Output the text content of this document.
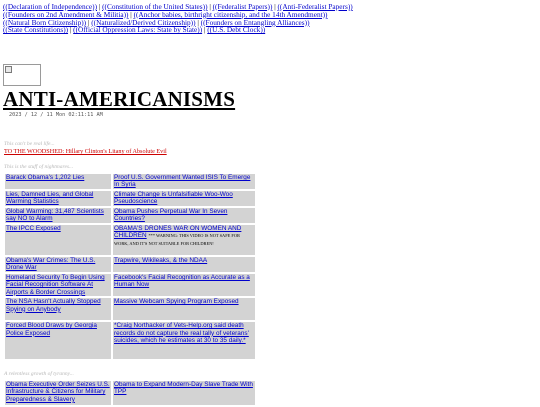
((Declaration of Independence)) | ((Constitution of the United States)) | ((Federalist Papers)) | ((Anti-Federalist Papers))
((Founders on 2nd Amendment & Militia)) | ((Anchor babies, birthright citizenship, and the 14th Amendment))
((Natural Born Citizenship)) | ((Naturalized/Derived Citizenship)) | ((Founders on Entangling Alliances))
((State Constitutions)) | ((Official Oppression Laws: State by State)) | ((U.S. Debt Clock))
ANTI-AMERICANISMS
2023 / 12 / 11 Mon 02:11:11 AM
This can't be real life...
TO THE WOODSHED: Hillary Clinton's Litany of Absolute Evil
This is the stuff of nightmares...
Barack Obama's 1,202 Lies	Proof U.S. Government Wanted ISIS To Emerge In Syria
Lies, Damned Lies, and Global Warming Statistics	Climate Change is Unfalsifiable Woo-Woo Pseudoscience
Global Warming: 31,487 Scientists say NO to Alarm	Obama Pushes Perpetual War In Seven Countries?
The IPCC Exposed	OBAMA'S DRONES WAR ON WOMEN AND CHILDREN *** WARNING: THIS VIDEO IS NOT SAFE FOR WORK, AND IT'S NOT SUITABLE FOR CHILDREN!
Obama's War Crimes: The U.S. Drone War	Trapwire, Wikileaks, & the NDAA
Homeland Security To Begin Using Facial Recognition Software At Airports & Border Crossings	Facebook's Facial Recognition as Accurate as a Human Now
The NSA Hasn't Actually Stopped Spying on Anybody	Massive Webcam Spying Program Exposed
Forced Blood Draws by Georgia Police Exposed	*Craig Northacker of Vets-Help.org said death records do not capture the real tally of veterans' suicides, which he estimates at 30 to 35 daily.*
A relentless growth of tyranny...
Obama Executive Order Seizes U.S. Infrastructure & Citizens for Military Preparedness & Slavery	Obama to Expand Modern-Day Slave Trade With TPP
